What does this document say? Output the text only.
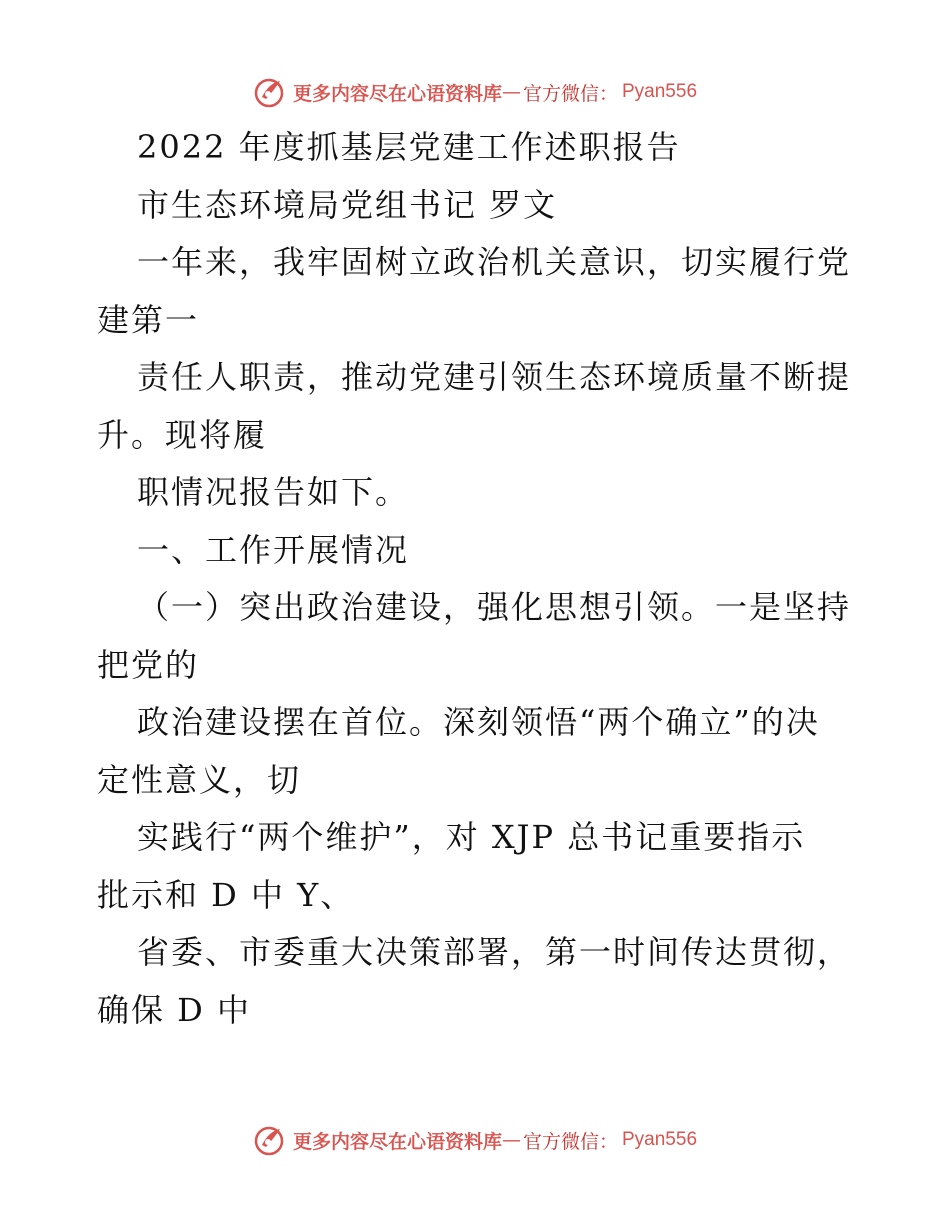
更多内容尽在心语资料库 — 官方微信： Pyan556

2022 年度抓基层党建工作述职报告

市生态环境局党组书记 罗文

一年来，我牢固树立政治机关意识，切实履行党

建第一

责任人职责，推动党建引领生态环境质量不断提

升。现将履

职情况报告如下。

一、工作开展情况

（一）突出政治建设，强化思想引领。一是坚持

把党的

政治建设摆在首位。深刻领悟“两个确立”的决

定性意义，切

实践行“两个维护”，对 XJP 总书记重要指示

批示和 D 中 Y、

省委、市委重大决策部署，第一时间传达贯彻，

确保 D 中

更多内容尽在心语资料库 — 官方微信： Pyan556
